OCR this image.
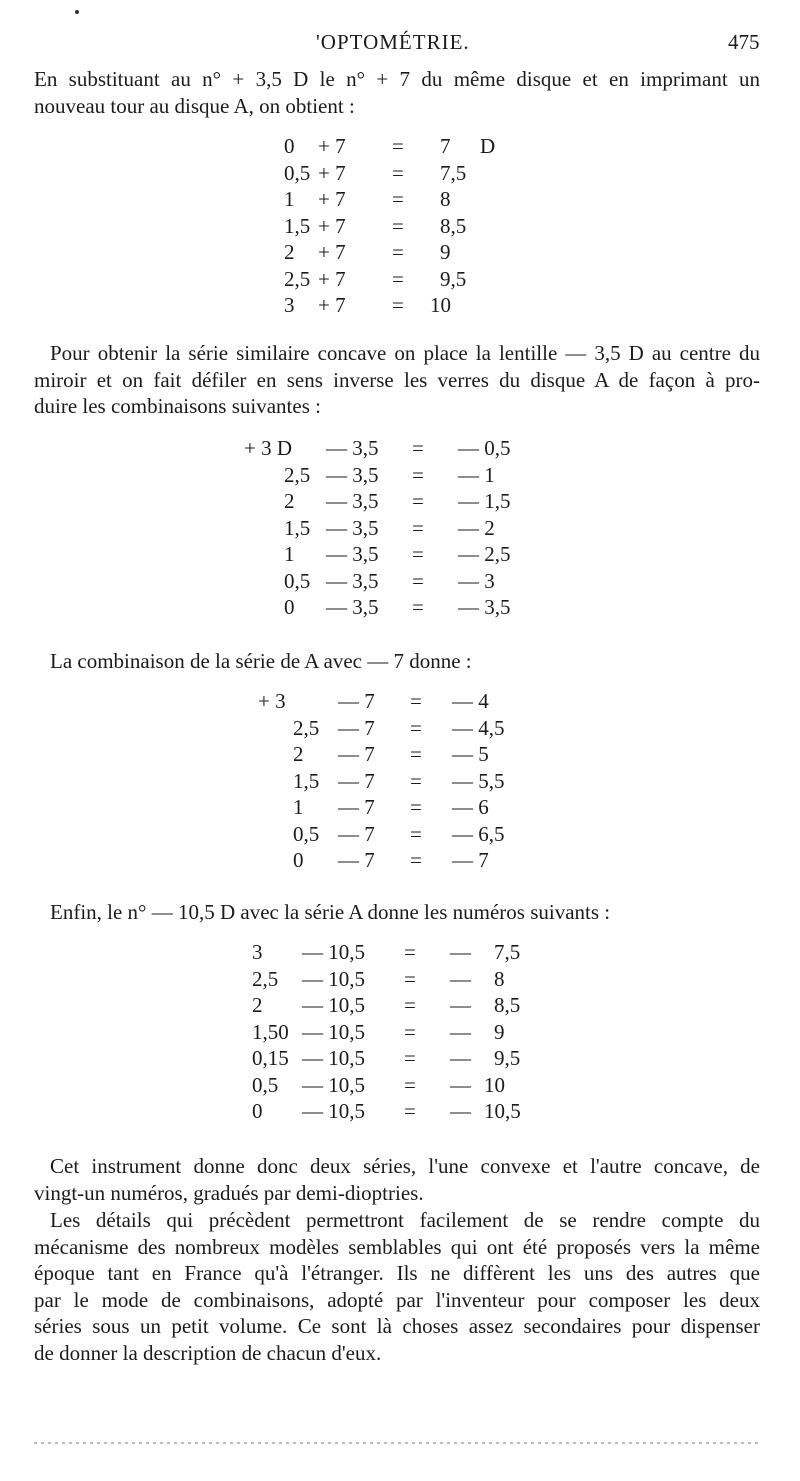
'OPTOMÉTRIE.	475
En substituant au n° + 3,5 D le n° + 7 du même disque et en imprimant un
nouveau tour au disque A, on obtient :
0 + 7 = 7 D
0,5 + 7 = 7,5
1 + 7 = 8
1,5 + 7 = 8,5
2 + 7 = 9
2,5 + 7 = 9,5
3 + 7 = 10
Pour obtenir la série similaire concave on place la lentille — 3,5 D au centre du
miroir et on fait défiler en sens inverse les verres du disque A de façon à pro-
duire les combinaisons suivantes :
+ 3 D — 3,5 = — 0,5
2,5 — 3,5 = — 1
2 — 3,5 = — 1,5
1,5 — 3,5 = — 2
1 — 3,5 = — 2,5
0,5 — 3,5 = — 3
0 — 3,5 = — 3,5
La combinaison de la série de A avec — 7 donne :
+ 3 — 7 = — 4
2,5 — 7 = — 4,5
2 — 7 = — 5
1,5 — 7 = — 5,5
1 — 7 = — 6
0,5 — 7 = — 6,5
0 — 7 = — 7
Enfin, le n° — 10,5 D avec la série A donne les numéros suivants :
3 — 10,5 = — 7,5
2,5 — 10,5 = — 8
2 — 10,5 = — 8,5
1,50 — 10,5 = — 9
0,15 — 10,5 = — 9,5
0,5 — 10,5 = — 10
0 — 10,5 = — 10,5
Cet instrument donne donc deux séries, l'une convexe et l'autre concave, de
vingt-un numéros, gradués par demi-dioptries.
Les détails qui précèdent permettront facilement de se rendre compte du
mécanisme des nombreux modèles semblables qui ont été proposés vers la même
époque tant en France qu'à l'étranger. Ils ne diffèrent les uns des autres que
par le mode de combinaisons, adopté par l'inventeur pour composer les deux
séries sous un petit volume. Ce sont là choses assez secondaires pour dispenser
de donner la description de chacun d'eux.
